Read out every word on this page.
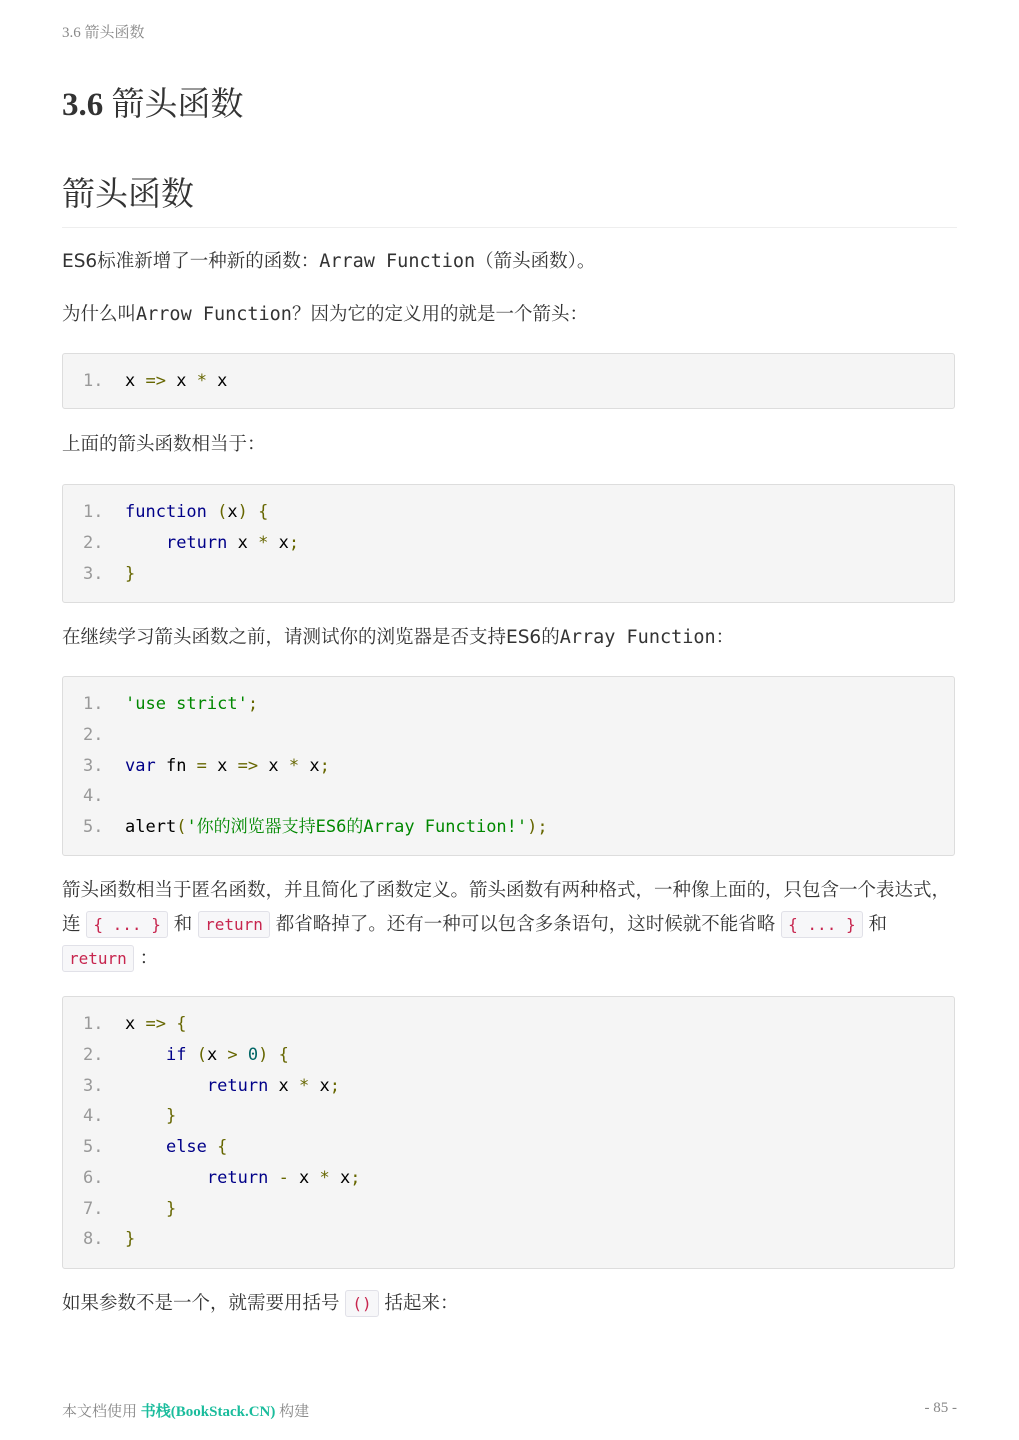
3.6 箭头函数
3.6 箭头函数
箭头函数

ES6标准新增了一种新的函数：Arraw Function（箭头函数）。

为什么叫Arrow Function？因为它的定义用的就是一个箭头：

1.	x => x * x

上面的箭头函数相当于：

1.	function (x) {
2.	return x * x;
3.	}

在继续学习箭头函数之前，请测试你的浏览器是否支持ES6的Array Function：

1.	'use strict';
2.
3.	var fn = x => x * x;
4.
5.	alert('你的浏览器支持ES6的Array Function!');

箭头函数相当于匿名函数，并且简化了函数定义。箭头函数有两种格式，一种像上面的，只包含一个表达式，连 { ... } 和 return 都省略掉了。还有一种可以包含多条语句，这时候就不能省略 { ... } 和 return ：

1.	x => {
2.	if (x > 0) {
3.	return x * x;
4.	}
5.	else {
6.	return - x * x;
7.	}
8.	}

如果参数不是一个，就需要用括号 () 括起来：

本文档使用 书栈(BookStack.CN) 构建	- 85 -
